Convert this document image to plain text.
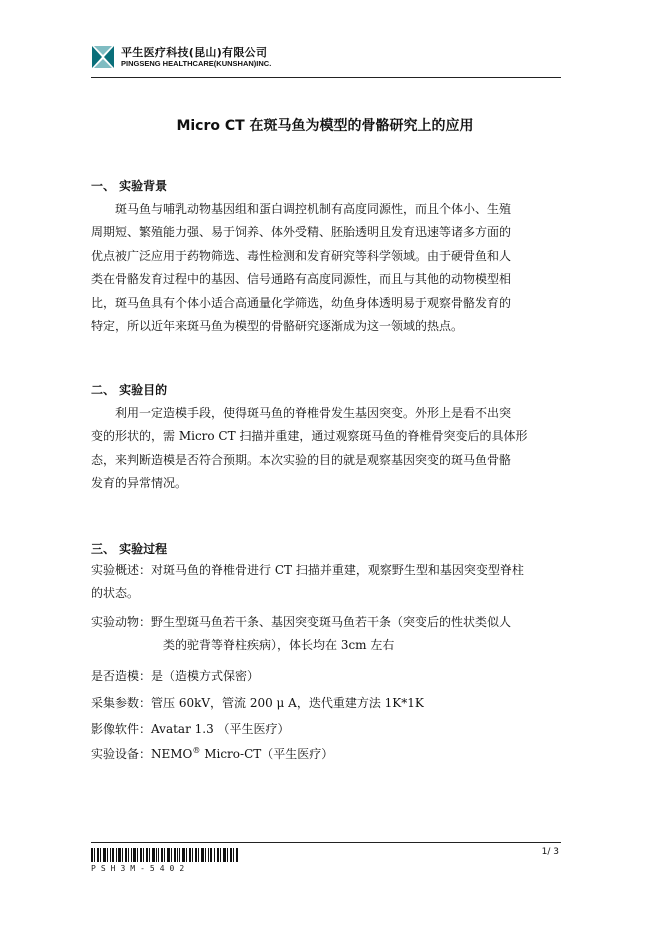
平生医疗科技(昆山)有限公司
PINGSENG HEALTHCARE(KUNSHAN)INC.
Micro CT 在斑马鱼为模型的骨骼研究上的应用
一、 实验背景
斑马鱼与哺乳动物基因组和蛋白调控机制有高度同源性，而且个体小、生殖
周期短、繁殖能力强、易于饲养、体外受精、胚胎透明且发育迅速等诸多方面的
优点被广泛应用于药物筛选、毒性检测和发育研究等科学领域。由于硬骨鱼和人
类在骨骼发育过程中的基因、信号通路有高度同源性，而且与其他的动物模型相
比，斑马鱼具有个体小适合高通量化学筛选，幼鱼身体透明易于观察骨骼发育的
特定，所以近年来斑马鱼为模型的骨骼研究逐渐成为这一领域的热点。
二、 实验目的
利用一定造模手段，使得斑马鱼的脊椎骨发生基因突变。外形上是看不出突
变的形状的，需 Micro CT 扫描并重建，通过观察斑马鱼的脊椎骨突变后的具体形
态，来判断造模是否符合预期。本次实验的目的就是观察基因突变的斑马鱼骨骼
发育的异常情况。
三、 实验过程
实验概述：对斑马鱼的脊椎骨进行 CT 扫描并重建，观察野生型和基因突变型脊柱
的状态。
实验动物：野生型斑马鱼若干条、基因突变斑马鱼若干条（突变后的性状类似人
类的驼背等脊柱疾病），体长均在 3cm 左右
是否造模：是（造模方式保密）
采集参数：管压 60kV，管流 200 μ A，迭代重建方法 1K*1K
影像软件：Avatar 1.3 （平生医疗）
实验设备：NEMO® Micro-CT（平生医疗）
PSH3M-5402
1/ 3
